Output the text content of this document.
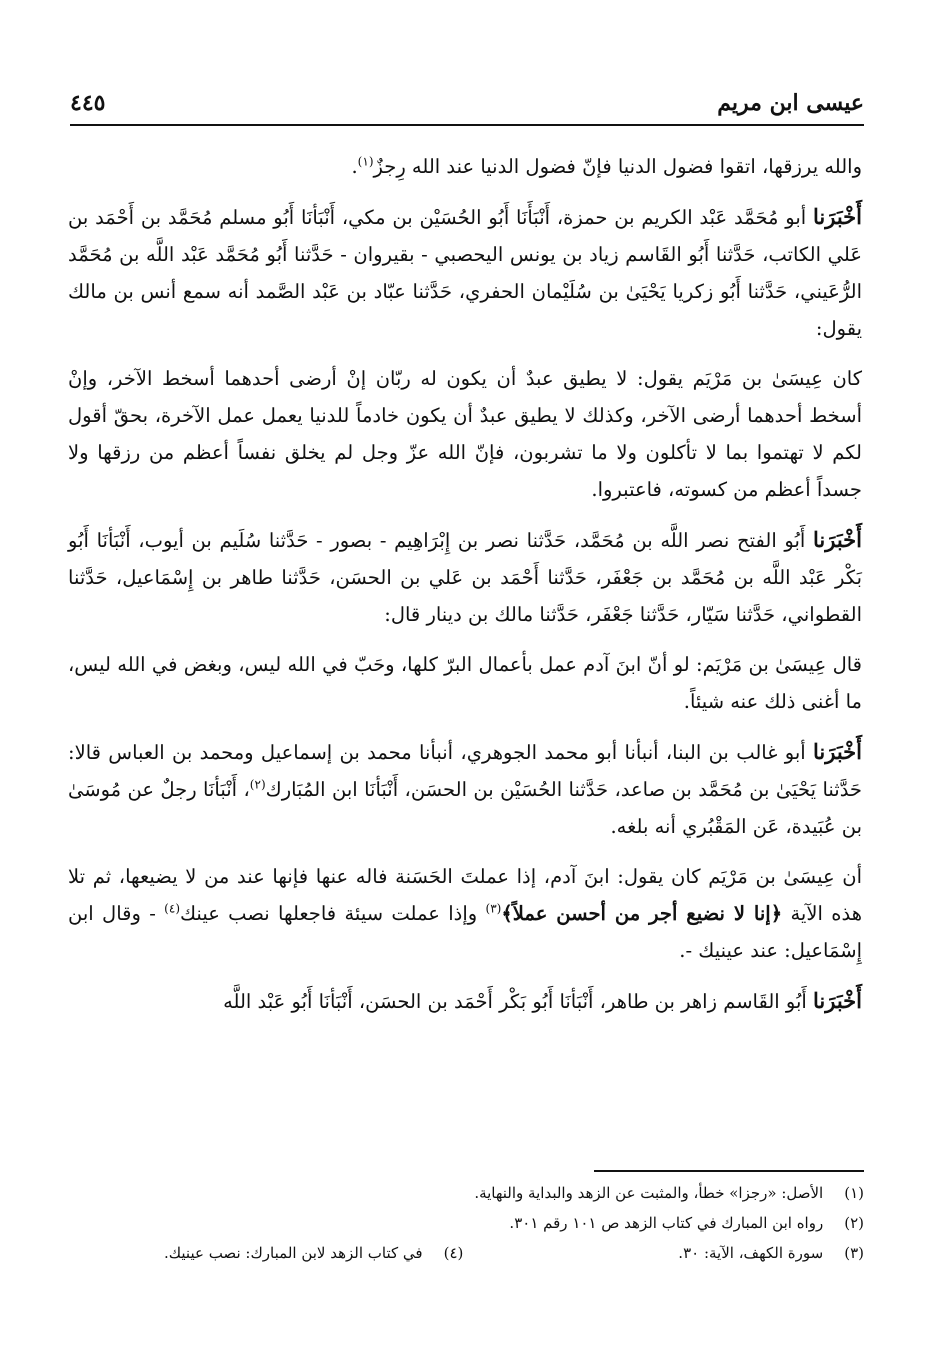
عيسى ابن مريم
٤٤٥

والله يرزقها، اتقوا فضول الدنيا فإنّ فضول الدنيا عند الله رِجزٌ$^{(١)}$.

أَخْبَرَنا أبو مُحَمَّد عَبْد الكريم بن حمزة، أَنْبَأَنَا أَبُو الحُسَيْن بن مكي، أَنْبَأنَا أَبُو مسلم مُحَمَّد بن أَحْمَد بن عَلي الكاتب، حَدَّثنا أَبُو القَاسم زياد بن يونس اليحصبي - بقيروان - حَدَّثنا أَبُو مُحَمَّد عَبْد اللَّه بن مُحَمَّد الرُّعَيني، حَدَّثنا أَبُو زكريا يَحْيَىٰ بن سُلَيْمان الحفري، حَدَّثنا عبّاد بن عَبْد الصَّمد أنه سمع أنس بن مالك يقول:

كان عِيسَىٰ بن مَرْيَم يقول: لا يطيق عبدٌ أن يكون له ربّان إنْ أرضى أحدهما أسخط الآخر، وإنْ أسخط أحدهما أرضى الآخر، وكذلك لا يطيق عبدٌ أن يكون خادماً للدنيا يعمل عمل الآخرة، بحقّ أقول لكم لا تهتموا بما لا تأكلون ولا ما تشربون، فإنّ الله عزّ وجل لم يخلق نفساً أعظم من رزقها ولا جسداً أعظم من كسوته، فاعتبروا.

أَخْبَرَنا أَبُو الفتح نصر اللَّه بن مُحَمَّد، حَدَّثنا نصر بن إِبْرَاهِيم - بصور - حَدَّثنا سُلَيم بن أيوب، أَنْبَأنَا أَبُو بَكْر عَبْد اللَّه بن مُحَمَّد بن جَعْفَر، حَدَّثنا أَحْمَد بن عَلي بن الحسَن، حَدَّثنا طاهر بن إِسْمَاعيل، حَدَّثنا القطواني، حَدَّثنا سَيّار، حَدَّثنا جَعْفَر، حَدَّثنا مالك بن دينار قال:

قال عِيسَىٰ بن مَرْيَم: لو أنّ ابنَ آدم عمل بأعمال البرّ كلها، وحَبّ في الله ليس، وبغض في الله ليس، ما أغنى ذلك عنه شيئاً.

أَخْبَرَنا أبو غالب بن البنا، أنبأنا أبو محمد الجوهري، أنبأنا محمد بن إسماعيل ومحمد بن العباس قالا: حَدَّثنا يَحْيَىٰ بن مُحَمَّد بن صاعد، حَدَّثنا الحُسَيْن بن الحسَن، أَنْبَأنَا ابن المُبَارك$^{(٢)}$، أَنْبَأنَا رجلٌ عن مُوسَىٰ بن عُبَيدة، عَن المَقْبُري أنه بلغه.

أن عِيسَىٰ بن مَرْيَم كان يقول: ابنَ آدم، إذا عملتَ الحَسَنة فاله عنها فإنها عند من لا يضيعها، ثم تلا هذه الآية ﴿إنا لا نضيع أجر من أحسن عملاً﴾$^{(٣)}$ وإذا عملت سيئة فاجعلها نصب عينك$^{(٤)}$ - وقال ابن إِسْمَاعيل: عند عينيك -.

أَخْبَرَنا أَبُو القَاسم زاهر بن طاهر، أَنْبَأنَا أَبُو بَكْر أَحْمَد بن الحسَن، أَنْبَأنَا أَبُو عَبْد اللَّه

(١) الأصل: «رجزا» خطأ، والمثبت عن الزهد والبداية والنهاية.
(٢) رواه ابن المبارك في كتاب الزهد ص ١٠١ رقم ٣٠١.
(٣) سورة الكهف، الآية: ٣٠.
(٤) في كتاب الزهد لابن المبارك: نصب عينيك.
